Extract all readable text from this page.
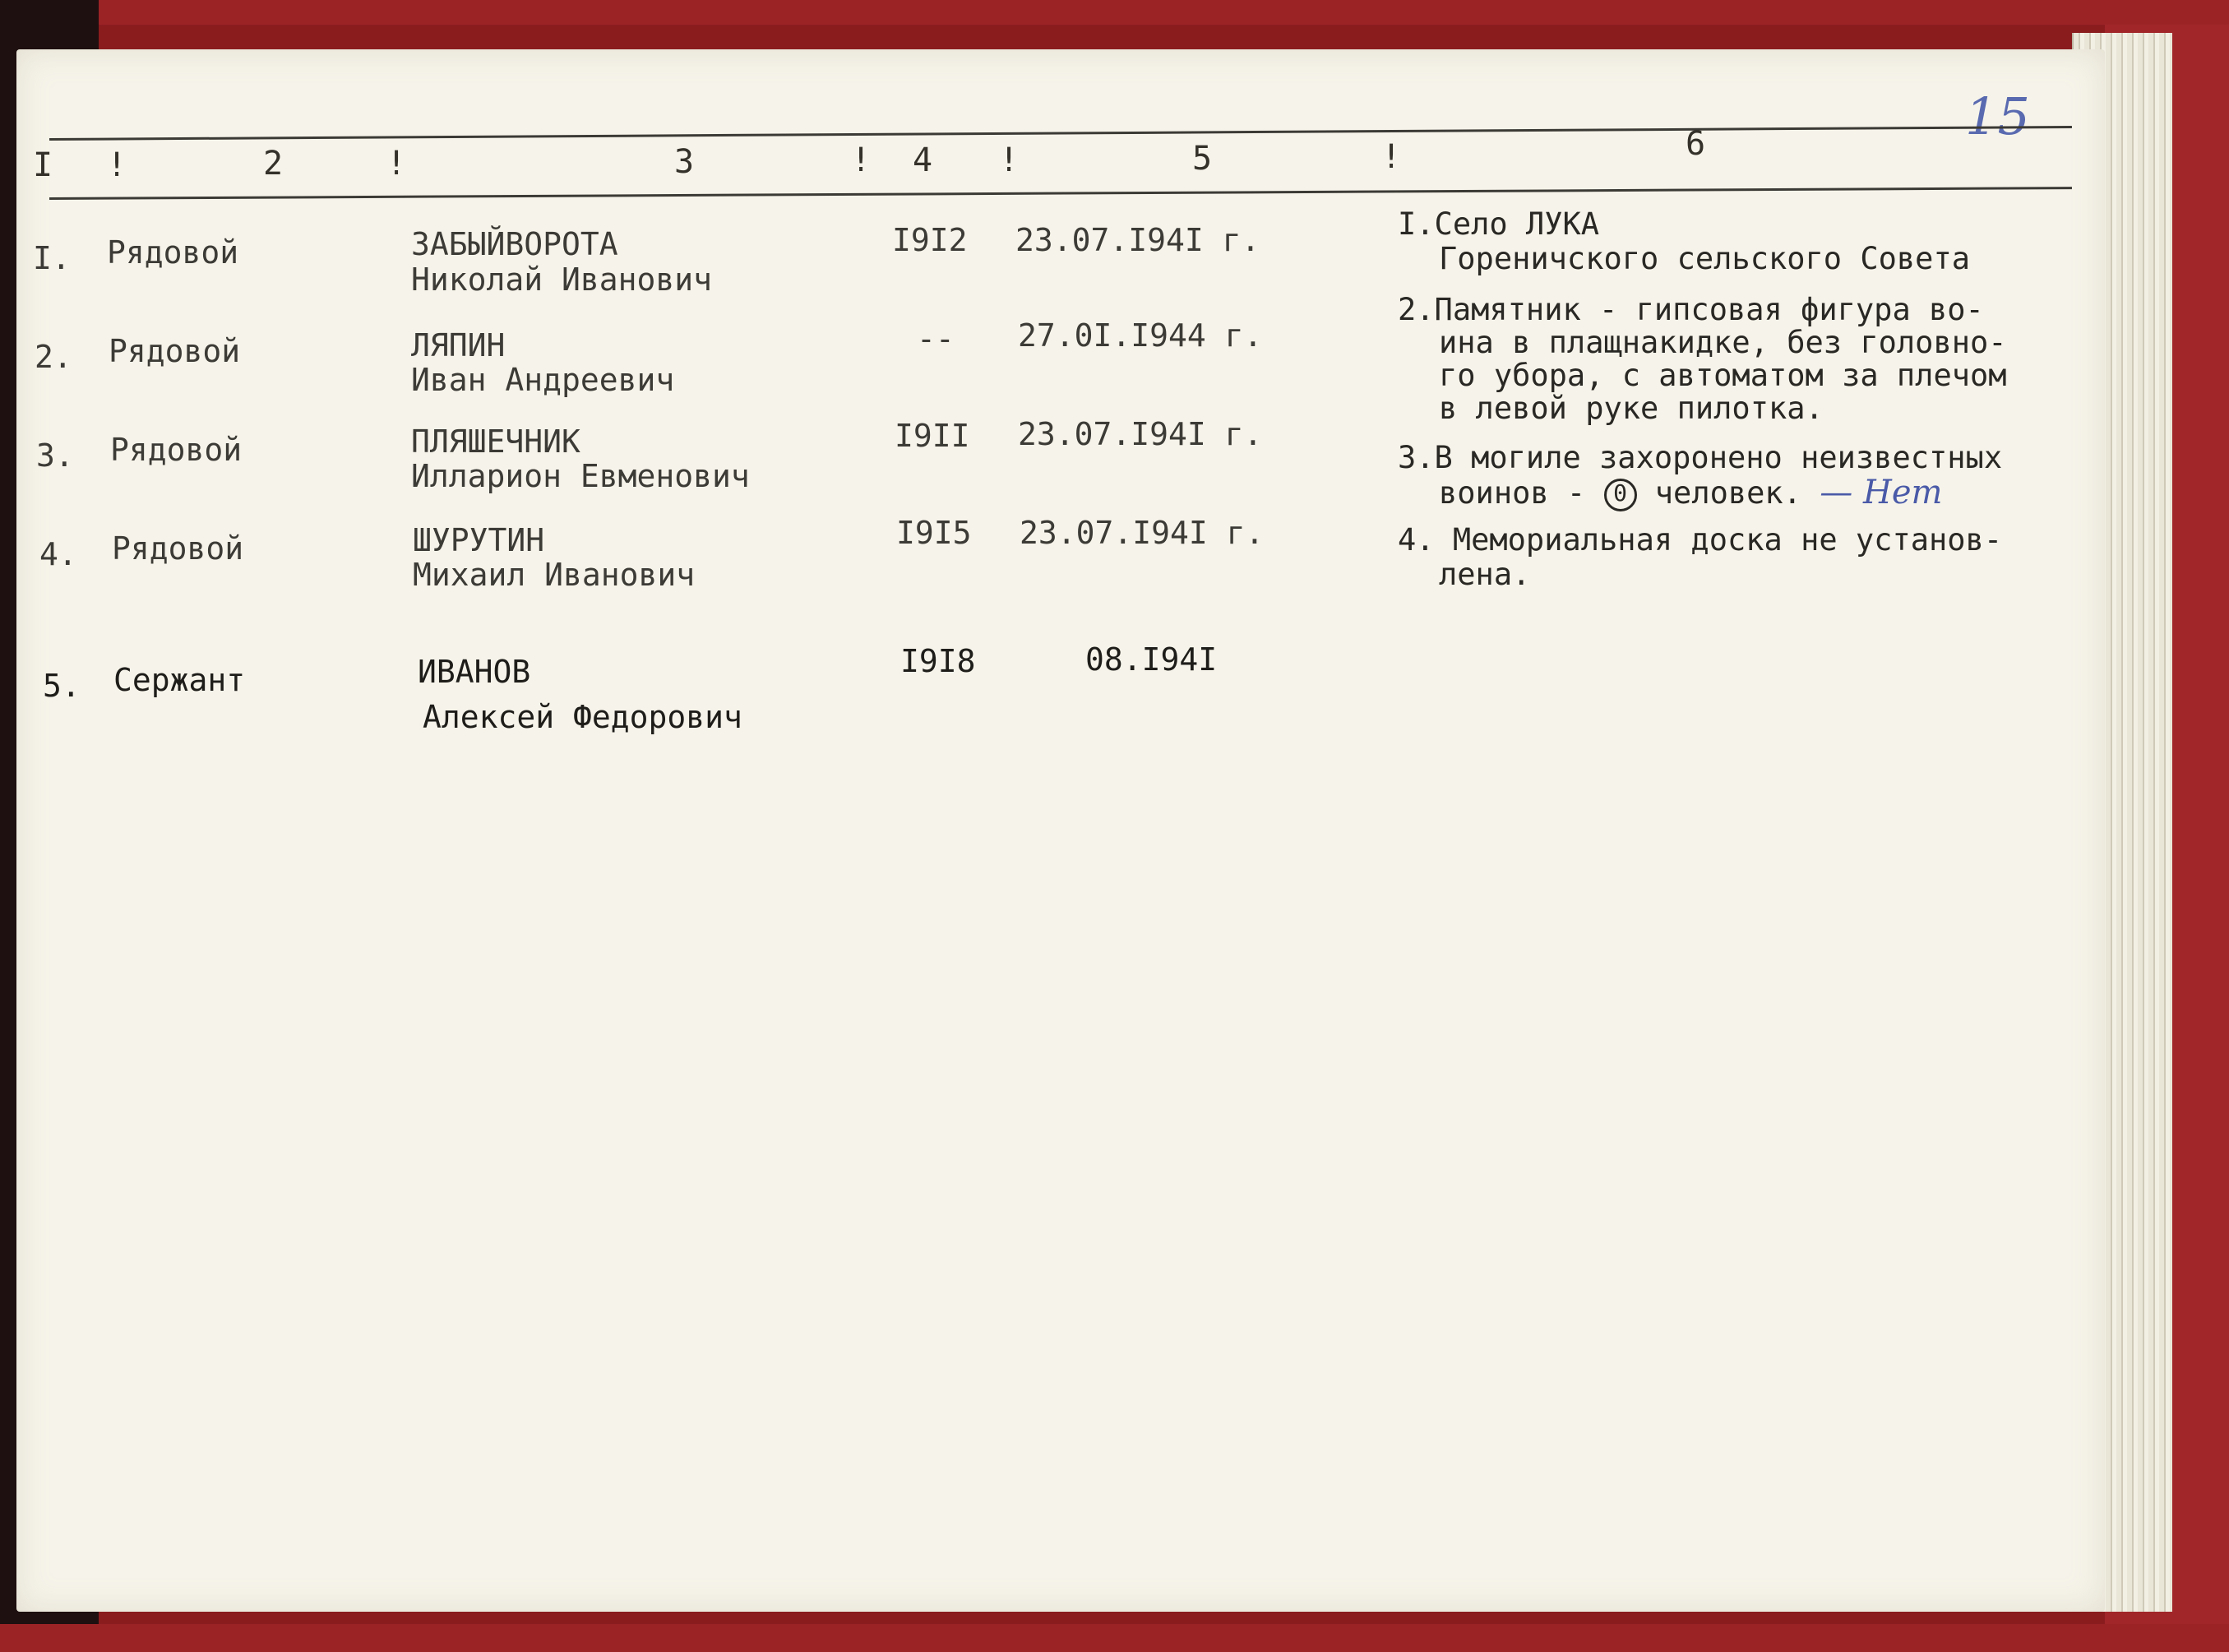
15
I !	2	!	3	! 4 !	5	!	6
I. Рядовой	ЗАБЫЙВОРОТА
Николай Иванович
I9I2 23.07.I94I г.
2. Рядовой	ЛЯПИН
Иван Андреевич
-- 27.0I.I944 г.
3. Рядовой	ПЛЯШЕЧНИК
Илларион Евменович
I9II 23.07.I94I г.
4. Рядовой	ШУРУТИН
Михаил Иванович
I9I5 23.07.I94I г.
5. Сержант	ИВАНОВ
Алексей Федорович
I9I8	08.I94I
I.Село ЛУКА
Гореничского сельского Совета
2.Памятник - гипсовая фигура во-
ина в плащнакидке, без головно-
го убора, с автоматом за плечом
в левой руке пилотка.
3.В могиле захоронено неизвестных
воинов - 0 человек. — Нет
4. Мемориальная доска не установ-
лена.
